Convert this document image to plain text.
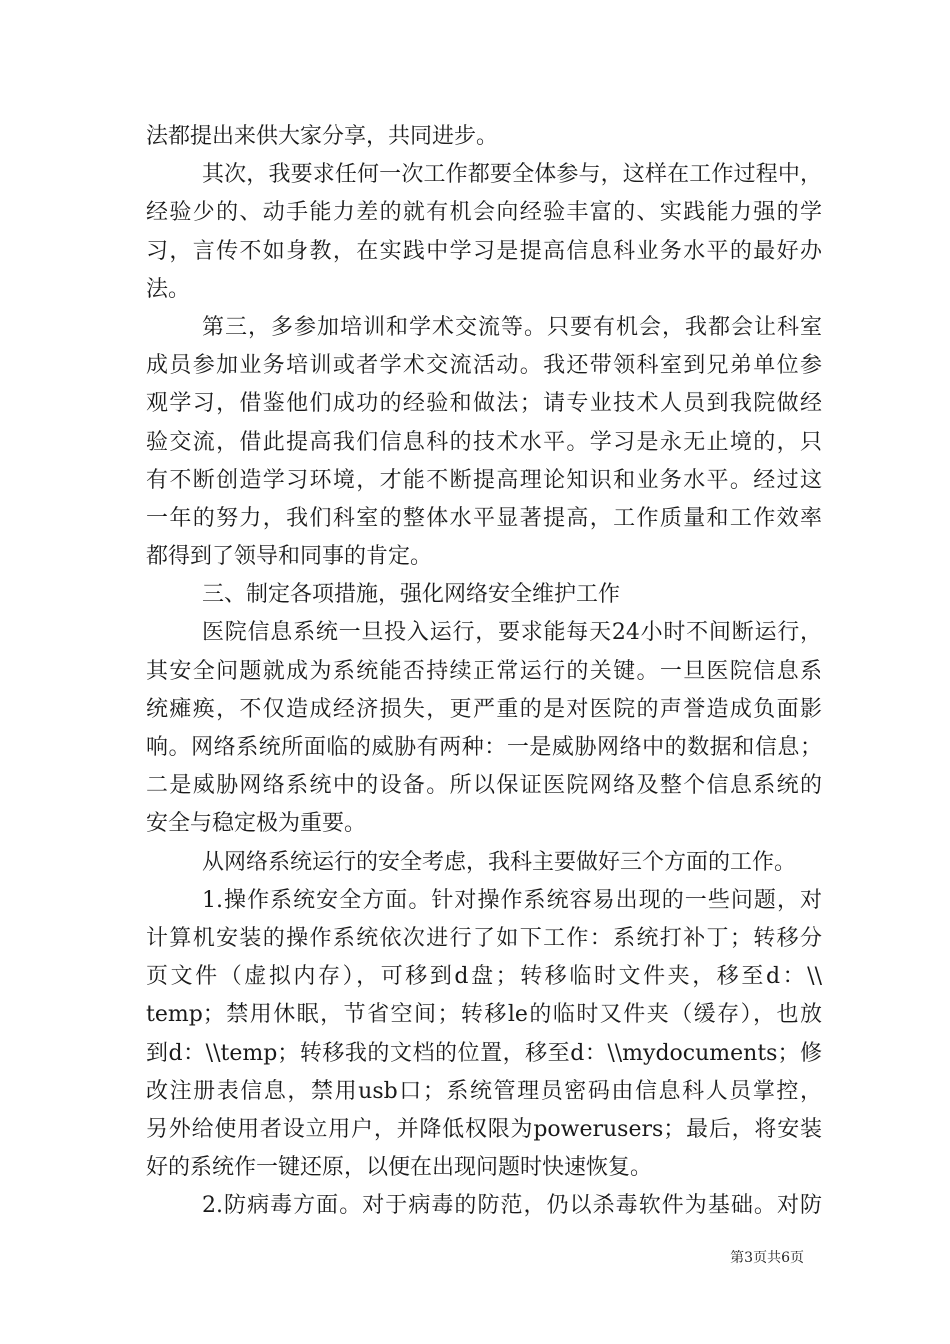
法都提出来供大家分享，共同进步。
其次，我要求任何一次工作都要全体参与，这样在工作过程中，
经验少的、动手能力差的就有机会向经验丰富的、实践能力强的学
习，言传不如身教，在实践中学习是提高信息科业务水平的最好办
法。
第三，多参加培训和学术交流等。只要有机会，我都会让科室
成员参加业务培训或者学术交流活动。我还带领科室到兄弟单位参
观学习，借鉴他们成功的经验和做法；请专业技术人员到我院做经
验交流，借此提高我们信息科的技术水平。学习是永无止境的，只
有不断创造学习环境，才能不断提高理论知识和业务水平。经过这
一年的努力，我们科室的整体水平显著提高，工作质量和工作效率
都得到了领导和同事的肯定。
三、制定各项措施，强化网络安全维护工作
医院信息系统一旦投入运行，要求能每天24小时不间断运行，
其安全问题就成为系统能否持续正常运行的关键。一旦医院信息系
统瘫痪，不仅造成经济损失，更严重的是对医院的声誉造成负面影
响。网络系统所面临的威胁有两种：一是威胁网络中的数据和信息；
二是威胁网络系统中的设备。所以保证医院网络及整个信息系统的
安全与稳定极为重要。
从网络系统运行的安全考虑，我科主要做好三个方面的工作。
1.操作系统安全方面。针对操作系统容易出现的一些问题，对
计算机安装的操作系统依次进行了如下工作：系统打补丁；转移分
页文件（虚拟内存），可移到d盘；转移临时文件夹，移至d：\\
temp；禁用休眠，节省空间；转移le的临时又件夹（缓存），也放
到d：\\temp；转移我的文档的位置，移至d：\\mydocuments；修
改注册表信息，禁用usb口；系统管理员密码由信息科人员掌控，
另外给使用者设立用户，并降低权限为powerusers；最后，将安装
好的系统作一键还原，以便在出现问题时快速恢复。
2.防病毒方面。对于病毒的防范，仍以杀毒软件为基础。对防
第3页共6页
